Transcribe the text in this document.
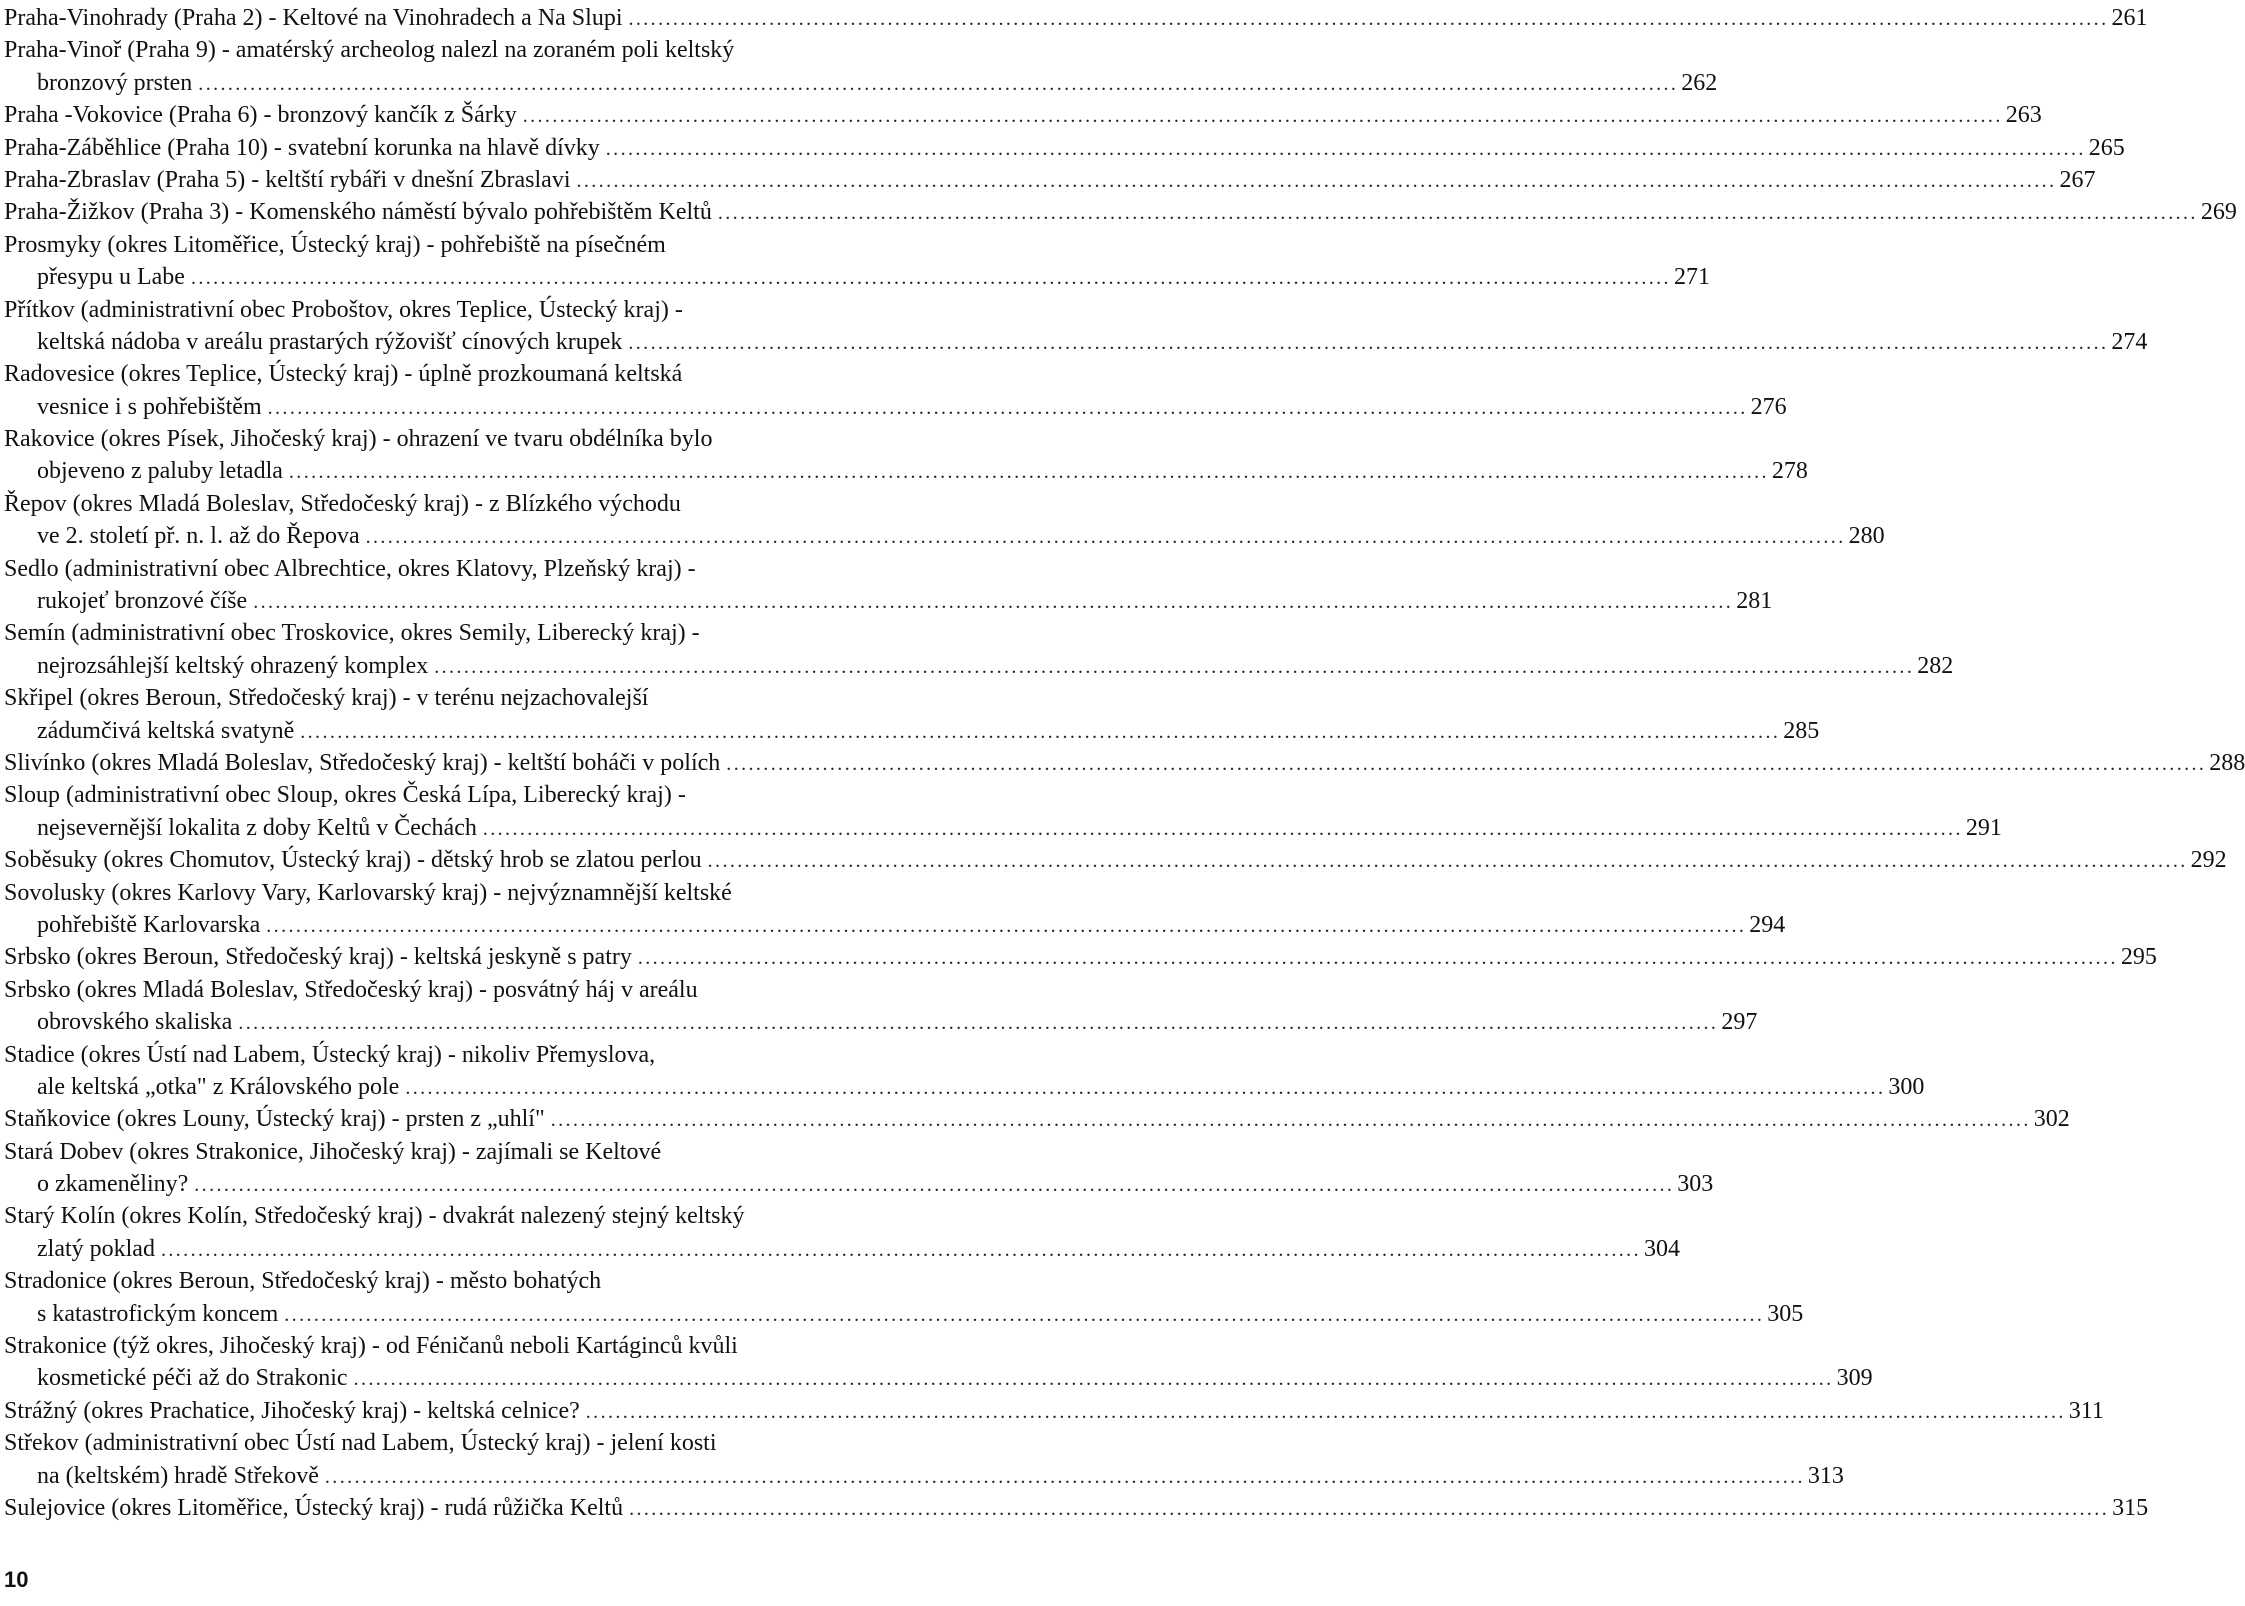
Praha-Vinohrady (Praha 2) - Keltové na Vinohradech a Na Slupi ........................................................................................................................................................................................................ 261
Praha-Vinoř (Praha 9) - amatérský archeolog nalezl na zoraném poli keltský
bronzový prsten ........................................................................................................................................................................................................ 262
Praha -Vokovice (Praha 6) - bronzový kančík z Šárky ........................................................................................................................................................................................................ 263
Praha-Záběhlice (Praha 10) - svatební korunka na hlavě dívky ........................................................................................................................................................................................................ 265
Praha-Zbraslav (Praha 5) - keltští rybáři v dnešní Zbraslavi ........................................................................................................................................................................................................ 267
Praha-Žižkov (Praha 3) - Komenského náměstí bývalo pohřebištěm Keltů ........................................................................................................................................................................................................ 269
Prosmyky (okres Litoměřice, Ústecký kraj) - pohřebiště na písečném
přesypu u Labe ........................................................................................................................................................................................................ 271
Přítkov (administrativní obec Proboštov, okres Teplice, Ústecký kraj) -
keltská nádoba v areálu prastarých rýžovišť cínových krupek ........................................................................................................................................................................................................ 274
Radovesice (okres Teplice, Ústecký kraj) - úplně prozkoumaná keltská
vesnice i s pohřebištěm ........................................................................................................................................................................................................ 276
Rakovice (okres Písek, Jihočeský kraj) - ohrazení ve tvaru obdélníka bylo
objeveno z paluby letadla ........................................................................................................................................................................................................ 278
Řepov (okres Mladá Boleslav, Středočeský kraj) - z Blízkého východu
ve 2. století př. n. l. až do Řepova ........................................................................................................................................................................................................ 280
Sedlo (administrativní obec Albrechtice, okres Klatovy, Plzeňský kraj) -
rukojeť bronzové číše ........................................................................................................................................................................................................ 281
Semín (administrativní obec Troskovice, okres Semily, Liberecký kraj) -
nejrozsáhlejší keltský ohrazený komplex ........................................................................................................................................................................................................ 282
Skřipel (okres Beroun, Středočeský kraj) - v terénu nejzachovalejší
zádumčivá keltská svatyně ........................................................................................................................................................................................................ 285
Slivínko (okres Mladá Boleslav, Středočeský kraj) - keltští boháči v polích ........................................................................................................................................................................................................ 288
Sloup (administrativní obec Sloup, okres Česká Lípa, Liberecký kraj) -
nejsevernější lokalita z doby Keltů v Čechách ........................................................................................................................................................................................................ 291
Soběsuky (okres Chomutov, Ústecký kraj) - dětský hrob se zlatou perlou ........................................................................................................................................................................................................ 292
Sovolusky (okres Karlovy Vary, Karlovarský kraj) - nejvýznamnější keltské
pohřebiště Karlovarska ........................................................................................................................................................................................................ 294
Srbsko (okres Beroun, Středočeský kraj) - keltská jeskyně s patry ........................................................................................................................................................................................................ 295
Srbsko (okres Mladá Boleslav, Středočeský kraj) - posvátný háj v areálu
obrovského skaliska ........................................................................................................................................................................................................ 297
Stadice (okres Ústí nad Labem, Ústecký kraj) - nikoliv Přemyslova,
ale keltská „otka" z Královského pole ........................................................................................................................................................................................................ 300
Staňkovice (okres Louny, Ústecký kraj) - prsten z „uhlí" ........................................................................................................................................................................................................ 302
Stará Dobev (okres Strakonice, Jihočeský kraj) - zajímali se Keltové
o zkameněliny? ........................................................................................................................................................................................................ 303
Starý Kolín (okres Kolín, Středočeský kraj) - dvakrát nalezený stejný keltský
zlatý poklad ........................................................................................................................................................................................................ 304
Stradonice (okres Beroun, Středočeský kraj) - město bohatých
s katastrofickým koncem ........................................................................................................................................................................................................ 305
Strakonice (týž okres, Jihočeský kraj) - od Féničanů neboli Kartáginců kvůli
kosmetické péči až do Strakonic ........................................................................................................................................................................................................ 309
Strážný (okres Prachatice, Jihočeský kraj) - keltská celnice? ........................................................................................................................................................................................................ 311
Střekov (administrativní obec Ústí nad Labem, Ústecký kraj) - jelení kosti
na (keltském) hradě Střekově ........................................................................................................................................................................................................ 313
Sulejovice (okres Litoměřice, Ústecký kraj) - rudá růžička Keltů ........................................................................................................................................................................................................ 315
10
